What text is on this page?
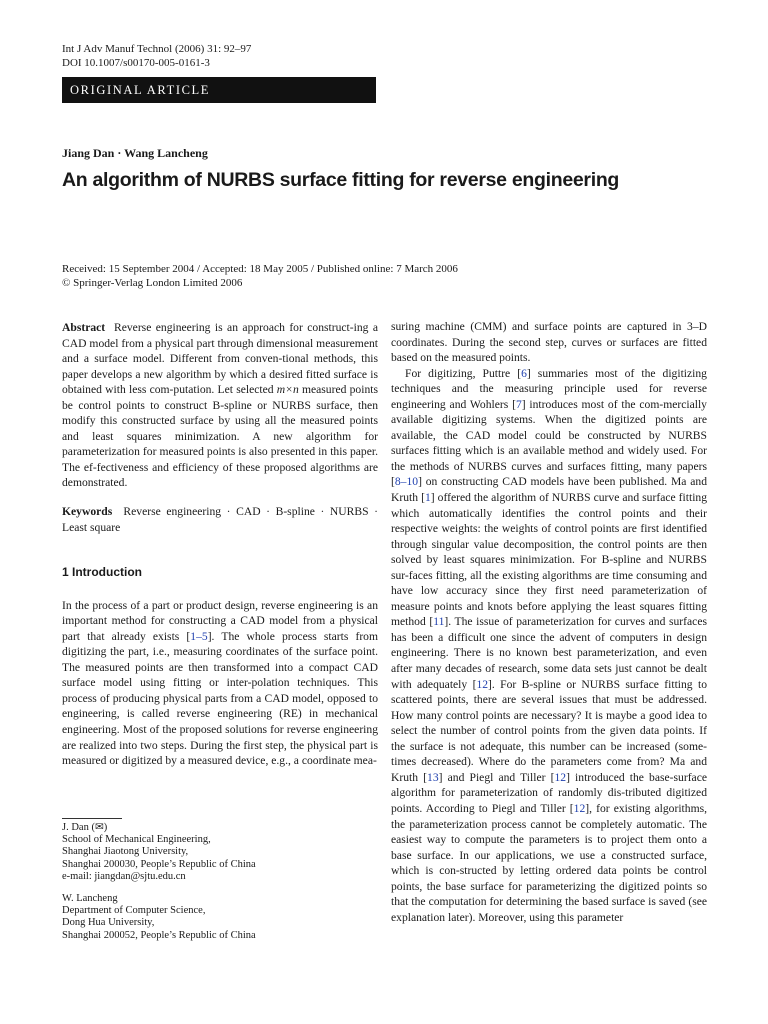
Int J Adv Manuf Technol (2006) 31: 92–97
DOI 10.1007/s00170-005-0161-3
ORIGINAL ARTICLE
Jiang Dan · Wang Lancheng
An algorithm of NURBS surface fitting for reverse engineering
Received: 15 September 2004 / Accepted: 18 May 2005 / Published online: 7 March 2006
© Springer-Verlag London Limited 2006

Abstract Reverse engineering is an approach for construct-ing a CAD model from a physical part through dimensional measurement and a surface model. Different from conven-tional methods, this paper develops a new algorithm by which a desired fitted surface is obtained with less com-putation. Let selected m×n measured points be control points to construct B-spline or NURBS surface, then modify this constructed surface by using all the measured points and least squares minimization. A new algorithm for parameterization for measured points is also presented in this paper. The ef-fectiveness and efficiency of these proposed algorithms are demonstrated.

Keywords Reverse engineering · CAD · B-spline · NURBS · Least square

1 Introduction

In the process of a part or product design, reverse engineering is an important method for constructing a CAD model from a physical part that already exists [1–5]. The whole process starts from digitizing the part, i.e., measuring coordinates of the surface point. The measured points are then transformed into a compact CAD surface model using fitting or inter-polation techniques. This process of producing physical parts from a CAD model, opposed to engineering, is called reverse engineering (RE) in mechanical engineering. Most of the proposed solutions for reverse engineering are realized into two steps. During the first step, the physical part is measured or digitized by a measured device, e.g., a coordinate mea-

suring machine (CMM) and surface points are captured in 3–D coordinates. During the second step, curves or surfaces are fitted based on the measured points.

For digitizing, Puttre [6] summaries most of the digitizing techniques and the measuring principle used for reverse engineering and Wohlers [7] introduces most of the com-mercially available digitizing systems. When the digitized points are available, the CAD model could be constructed by NURBS surfaces fitting which is an available method and widely used. For the methods of NURBS curves and surfaces fitting, many papers [8–10] on constructing CAD models have been published. Ma and Kruth [1] offered the algorithm of NURBS curve and surface fitting which automatically identifies the control points and their respective weights: the weights of control points are first identified through singular value decomposition, the control points are then solved by least squares minimization. For B-spline and NURBS sur-faces fitting, all the existing algorithms are time consuming and have low accuracy since they first need parameterization of measure points and knots before applying the least squares fitting method [11]. The issue of parameterization for curves and surfaces has been a difficult one since the advent of computers in design engineering. There is no known best parameterization, and even after many decades of research, some data sets just cannot be dealt with adequately [12]. For B-spline or NURBS surface fitting to scattered points, there are several issues that must be addressed. How many control points are necessary? It is maybe a good idea to select the number of control points from the given data points. If the surface is not adequate, this number can be increased (some-times decreased). Where do the parameters come from? Ma and Kruth [13] and Piegl and Tiller [12] introduced the base-surface algorithm for parameterization of randomly dis-tributed digitized points. According to Piegl and Tiller [12], for existing algorithms, the parameterization process cannot be completely automatic. The easiest way to compute the parameters is to project them onto a base surface. In our applications, we use a constructed surface, which is con-structed by letting ordered data points be control points, the base surface for parameterizing the digitized points so that the computation for determining the based surface is saved (see explanation later). Moreover, using this parameter

J. Dan (✉)
School of Mechanical Engineering,
Shanghai Jiaotong University,
Shanghai 200030, People’s Republic of China
e-mail: jiangdan@sjtu.edu.cn
W. Lancheng
Department of Computer Science,
Dong Hua University,
Shanghai 200052, People’s Republic of China
